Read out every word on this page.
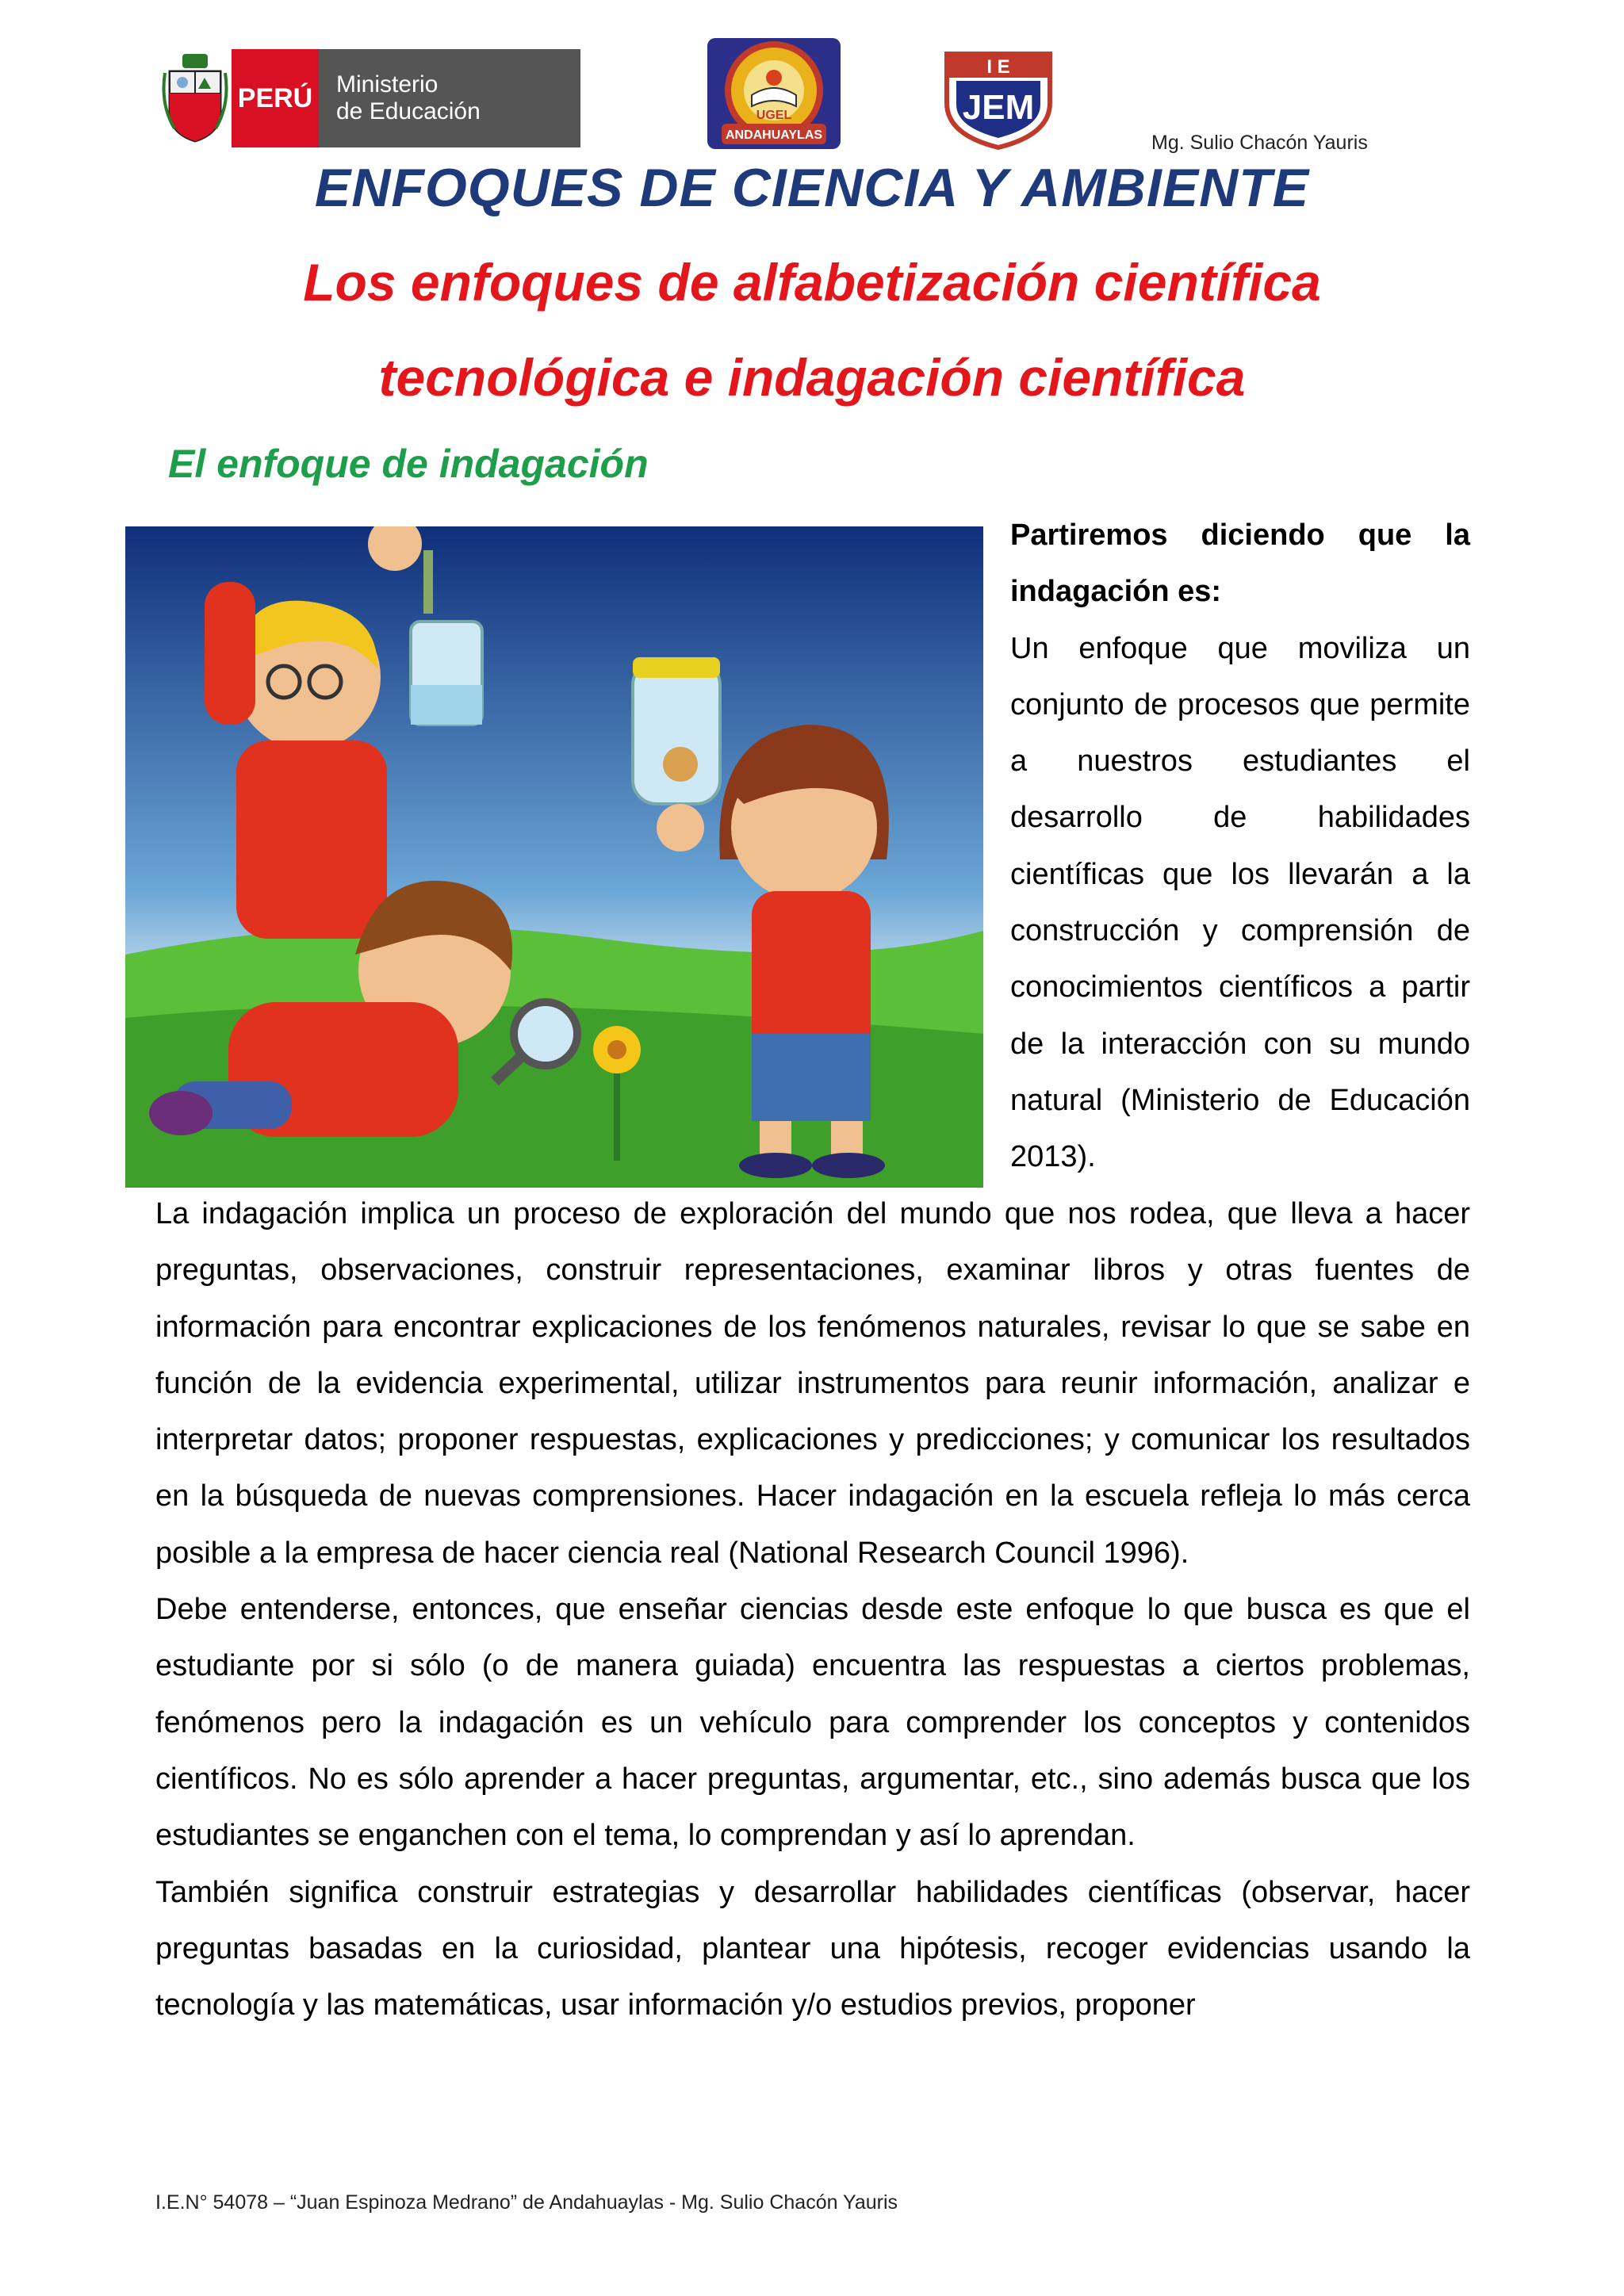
PERÚ Ministerio
de Educación
ANDAHUAYLAS
UGEL
I E
JEM
Mg. Sulio Chacón Yauris
ENFOQUES DE CIENCIA Y AMBIENTE
Los enfoques de alfabetización científica
tecnológica e indagación científica
El enfoque de indagación

Partiremos diciendo que la indagación es:

Un enfoque que moviliza un conjunto de procesos que permite a nuestros estudiantes el desarrollo de habilidades científicas que los llevarán a la construcción y comprensión de conocimientos científicos a partir de la interacción con su mundo natural (Ministerio de Educación 2013).

La indagación implica un proceso de exploración del mundo que nos rodea, que lleva a hacer preguntas, observaciones, construir representaciones, examinar libros y otras fuentes de información para encontrar explicaciones de los fenómenos naturales, revisar lo que se sabe en función de la evidencia experimental, utilizar instrumentos para reunir información, analizar e interpretar datos; proponer respuestas, explicaciones y predicciones; y comunicar los resultados en la búsqueda de nuevas comprensiones. Hacer indagación en la escuela refleja lo más cerca posible a la empresa de hacer ciencia real (National Research Council 1996).

Debe entenderse, entonces, que enseñar ciencias desde este enfoque lo que busca es que el estudiante por si sólo (o de manera guiada) encuentra las respuestas a ciertos problemas, fenómenos pero la indagación es un vehículo para comprender los conceptos y contenidos científicos. No es sólo aprender a hacer preguntas, argumentar, etc., sino además busca que los estudiantes se enganchen con el tema, lo comprendan y así lo aprendan.

También significa construir estrategias y desarrollar habilidades científicas (observar, hacer preguntas basadas en la curiosidad, plantear una hipótesis, recoger evidencias usando la tecnología y las matemáticas, usar información y/o estudios previos, proponer

I.E.N° 54078 – “Juan Espinoza Medrano” de Andahuaylas - Mg. Sulio Chacón Yauris
